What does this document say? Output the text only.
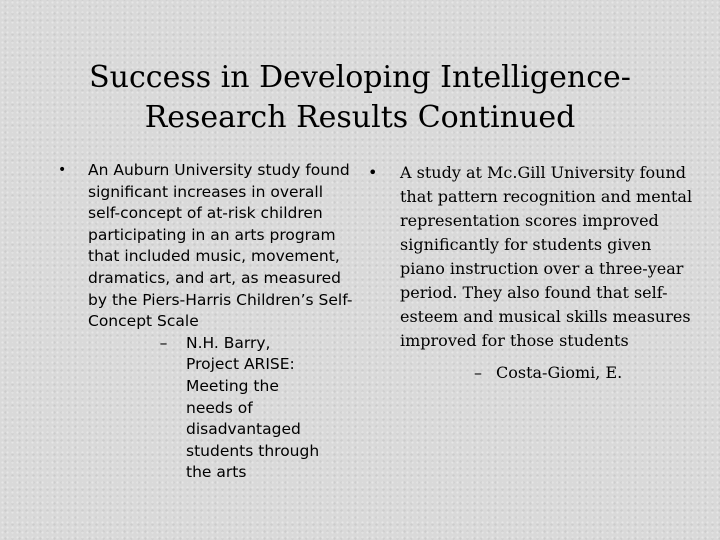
Success in Developing Intelligence-
Research Results Continued
•	An Auburn University study found significant increases in overall self-concept of at-risk children participating in an arts program that included music, movement, dramatics, and art, as measured by the Piers-Harris Children’s Self-Concept Scale
–	N.H. Barry, Project ARISE: Meeting the needs of disadvantaged students through the arts
•	A study at Mc.Gill University found that pattern recognition and mental representation scores improved significantly for students given piano instruction over a three-year period. They also found that self-esteem and musical skills measures improved for those students
– Costa-Giomi, E.
